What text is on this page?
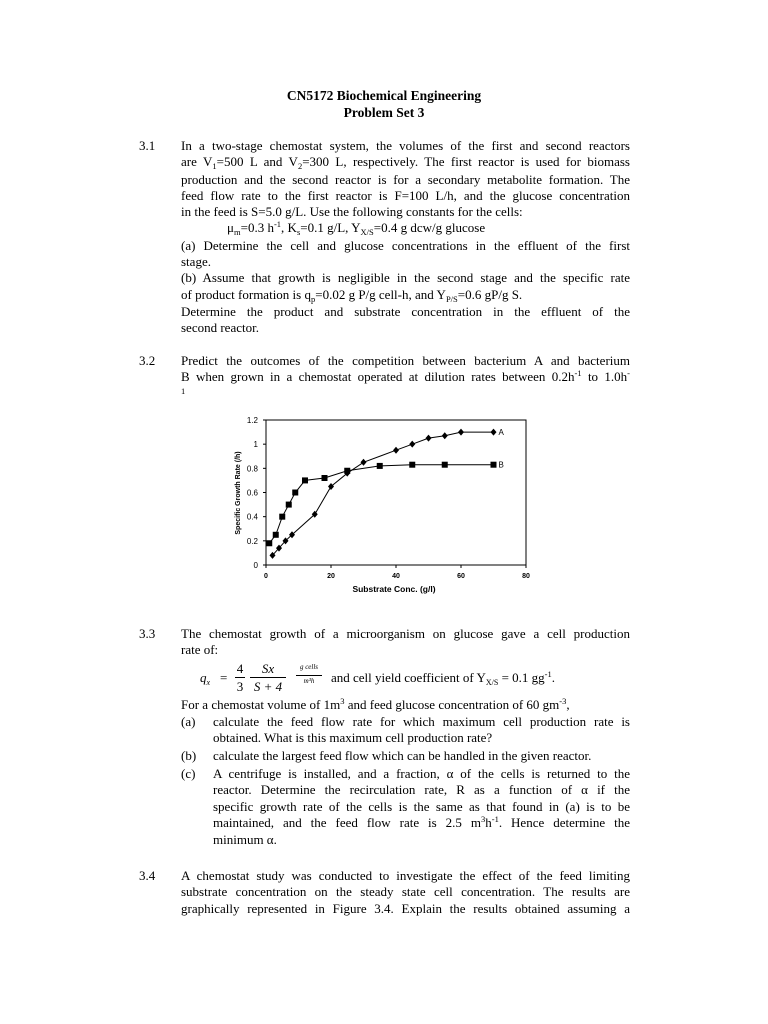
CN5172 Biochemical Engineering
Problem Set 3
3.1 In a two-stage chemostat system, the volumes of the first and second reactors
are V1=500 L and V2=300 L, respectively. The first reactor is used for biomass
production and the second reactor is for a secondary metabolite formation. The
feed flow rate to the first reactor is F=100 L/h, and the glucose concentration
in the feed is S=5.0 g/L. Use the following constants for the cells:
μm=0.3 h-1, Ks=0.1 g/L, YX/S=0.4 g dcw/g glucose
(a) Determine the cell and glucose concentrations in the effluent of the first
stage.
(b) Assume that growth is negligible in the second stage and the specific rate
of product formation is qp=0.02 g P/g cell-h, and YP/S=0.6 gP/g S.
Determine the product and substrate concentration in the effluent of the
second reactor.
3.2 Predict the outcomes of the competition between bacterium A and bacterium
B when grown in a chemostat operated at dilution rates between 0.2h-1 to 1.0h-
1
0	20	40	60	80
0
0.2
0.4
0.6
0.8
1
1.2
A
B
Specific Growth Rate (/h)
Substrate Conc. (g/l)
3.3 The chemostat growth of a microorganism on glucose gave a cell production
rate of:
qx =
4
3
Sx
S + 4
g cells
m³h	and cell yield coefficient of YX/S = 0.1 gg-1.
For a chemostat volume of 1m3 and feed glucose concentration of 60 gm-3,
(a) calculate the feed flow rate for which maximum cell production rate is
obtained. What is this maximum cell production rate?
(b) calculate the largest feed flow which can be handled in the given reactor.
(c) A centrifuge is installed, and a fraction, α of the cells is returned to the
reactor. Determine the recirculation rate, R as a function of α if the
specific growth rate of the cells is the same as that found in (a) is to be
maintained, and the feed flow rate is 2.5 m3h-1. Hence determine the
minimum α.
3.4 A chemostat study was conducted to investigate the effect of the feed limiting
substrate concentration on the steady state cell concentration. The results are
graphically represented in Figure 3.4. Explain the results obtained assuming a
